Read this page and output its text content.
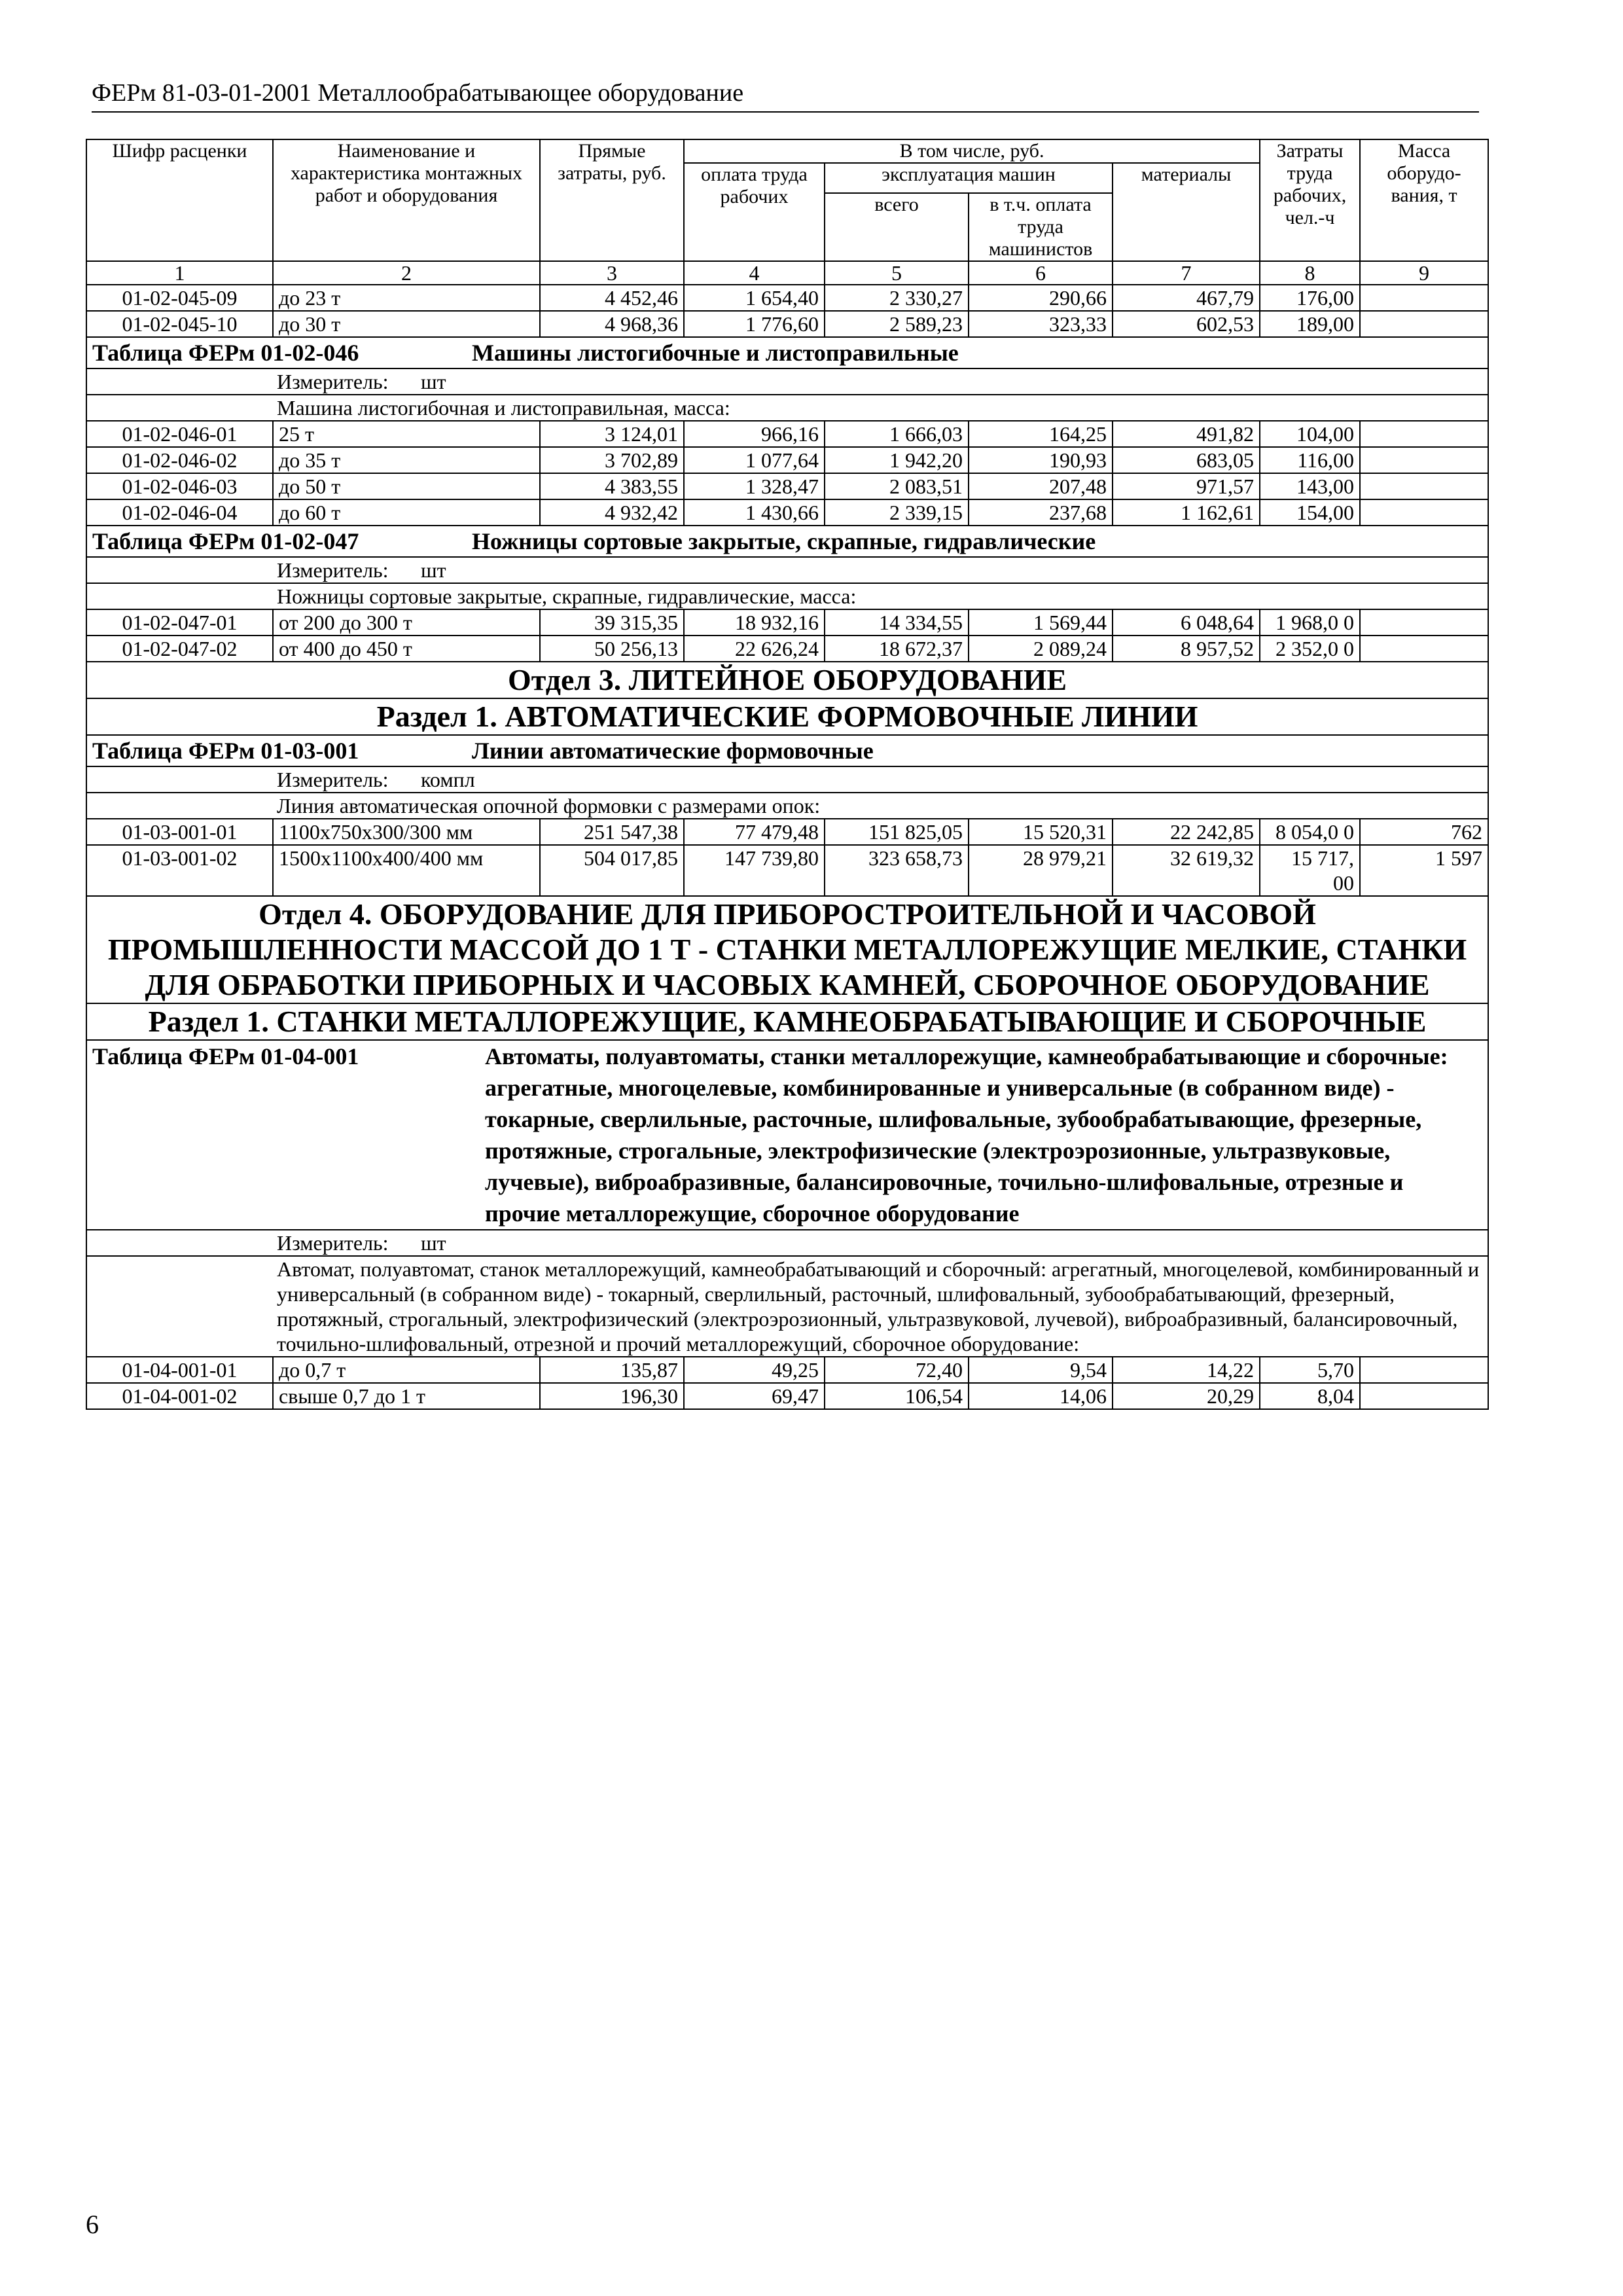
ФЕРм 81-03-01-2001 Металлообрабатывающее оборудование
Шифр расценки	Наименование и характеристика монтажных работ и оборудования	Прямые затраты, руб.	В том числе, руб.				Затраты труда рабочих, чел.-ч	Масса оборудо-вания, т
			оплата труда рабочих	эксплуатация машин		материалы		
				всего	в т.ч. оплата труда машинистов			
1	2	3	4	5	6	7	8	9
01-02-045-09	до 23 т	4 452,46	1 654,40	2 330,27	290,66	467,79	176,00	
01-02-045-10	до 30 т	4 968,36	1 776,60	2 589,23	323,33	602,53	189,00	
Таблица ФЕРм 01-02-046 Машины листогибочные и листоправильные								
Измеритель: шт								
Машина листогибочная и листоправильная, масса:								
01-02-046-01	25 т	3 124,01	966,16	1 666,03	164,25	491,82	104,00	
01-02-046-02	до 35 т	3 702,89	1 077,64	1 942,20	190,93	683,05	116,00	
01-02-046-03	до 50 т	4 383,55	1 328,47	2 083,51	207,48	971,57	143,00	
01-02-046-04	до 60 т	4 932,42	1 430,66	2 339,15	237,68	1 162,61	154,00	
Таблица ФЕРм 01-02-047 Ножницы сортовые закрытые, скрапные, гидравлические								
Измеритель: шт								
Ножницы сортовые закрытые, скрапные, гидравлические, масса:								
01-02-047-01	от 200 до 300 т	39 315,35	18 932,16	14 334,55	1 569,44	6 048,64	1 968,0 0	
01-02-047-02	от 400 до 450 т	50 256,13	22 626,24	18 672,37	2 089,24	8 957,52	2 352,0 0	
Отдел 3. ЛИТЕЙНОЕ ОБОРУДОВАНИЕ								
Раздел 1. АВТОМАТИЧЕСКИЕ ФОРМОВОЧНЫЕ ЛИНИИ								
Таблица ФЕРм 01-03-001 Линии автоматические формовочные								
Измеритель: компл								
Линия автоматическая опочной формовки с размерами опок:								
01-03-001-01	1100х750х300/300 мм	251 547,38	77 479,48	151 825,05	15 520,31	22 242,85	8 054,0 0	762
01-03-001-02	1500х1100х400/400 мм	504 017,85	147 739,80	323 658,73	28 979,21	32 619,32	15 717, 00	1 597
Отдел 4. ОБОРУДОВАНИЕ ДЛЯ ПРИБОРОСТРОИТЕЛЬНОЙ И ЧАСОВОЙ ПРОМЫШЛЕННОСТИ МАССОЙ ДО 1 Т - СТАНКИ МЕТАЛЛОРЕЖУЩИЕ МЕЛКИЕ, СТАНКИ ДЛЯ ОБРАБОТКИ ПРИБОРНЫХ И ЧАСОВЫХ КАМНЕЙ, СБОРОЧНОЕ ОБОРУДОВАНИЕ								
Раздел 1. СТАНКИ МЕТАЛЛОРЕЖУЩИЕ, КАМНЕОБРАБАТЫВАЮЩИЕ И СБОРОЧНЫЕ								

Таблица ФЕРм 01-04-001 Автоматы, полуавтоматы, станки металлорежущие, камнеобрабатывающие и сборочные: агрегатные, многоцелевые, комбинированные и универсальные (в собранном виде) - токарные, сверлильные, расточные, шлифовальные, зубообрабатывающие, фрезерные, протяжные, строгальные, электрофизические (электроэрозионные, ультразвуковые, лучевые), виброабразивные, балансировочные, точильно-шлифовальные, отрезные и прочие металлорежущие, сборочное оборудование								

Измеритель: шт								
Автомат, полуавтомат, станок металлорежущий, камнеобрабатывающий и сборочный: агрегатный, многоцелевой, комбинированный и универсальный (в собранном виде) - токарный, сверлильный, расточный, шлифовальный, зубообрабатывающий, фрезерный, протяжный, строгальный, электрофизический (электроэрозионный, ультразвуковой, лучевой), виброабразивный, балансировочный, точильно-шлифовальный, отрезной и прочий металлорежущий, сборочное оборудование:								
01-04-001-01	до 0,7 т	135,87	49,25	72,40	9,54	14,22	5,70	
01-04-001-02	свыше 0,7 до 1 т	196,30	69,47	106,54	14,06	20,29	8,04	
6
